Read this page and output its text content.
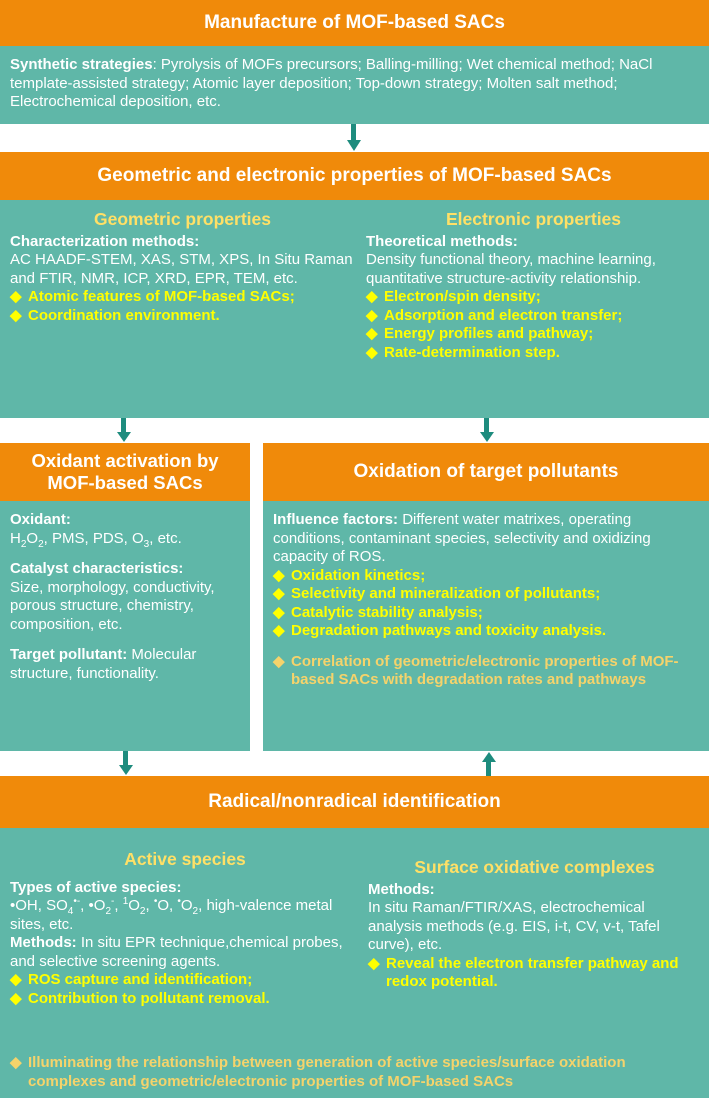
Manufacture of MOF-based SACs
Synthetic strategies: Pyrolysis of MOFs precursors; Balling-milling; Wet chemical method; NaCl template-assisted strategy; Atomic layer deposition; Top-down strategy; Molten salt method; Electrochemical deposition, etc.
Geometric and electronic properties of MOF-based SACs
Geometric properties
Characterization methods:
AC HAADF-STEM, XAS, STM, XPS, In Situ Raman and FTIR, NMR, ICP, XRD, EPR, TEM, etc.
◆ Atomic features of MOF-based SACs;
◆ Coordination environment.
Electronic properties
Theoretical methods:
Density functional theory, machine learning, quantitative structure-activity relationship.
◆ Electron/spin density;
◆ Adsorption and electron transfer;
◆ Energy profiles and pathway;
◆ Rate-determination step.
Oxidant activation by MOF-based SACs
Oxidant:
$H_2O_2$, PMS, PDS, $O_3$, etc.
Catalyst characteristics:
Size, morphology, conductivity, porous structure, chemistry, composition, etc.
Target pollutant: Molecular structure, functionality.
Oxidation of target pollutants
Influence factors: Different water matrixes, operating conditions, contaminant species, selectivity and oxidizing capacity of ROS.
◆ Oxidation kinetics;
◆ Selectivity and mineralization of pollutants;
◆ Catalytic stability analysis;
◆ Degradation pathways and toxicity analysis.
◆ Correlation of geometric/electronic properties of MOF-based SACs with degradation rates and pathways
Radical/nonradical identification
Active species
Types of active species:
•OH, $SO_4^{•-}$, $•O_2^-$, $^1O_2$, •O, $^•O_2$, high-valence metal sites, etc.
Methods: In situ EPR technique,chemical probes, and selective screening agents.
◆ ROS capture and identification;
◆ Contribution to pollutant removal.
Surface oxidative complexes
Methods:
In situ Raman/FTIR/XAS, electrochemical analysis methods (e.g. EIS, i-t, CV, v-t, Tafel curve), etc.
◆ Reveal the electron transfer pathway and redox potential.
◆ Illuminating the relationship between generation of active species/surface oxidation complexes and geometric/electronic properties of MOF-based SACs
